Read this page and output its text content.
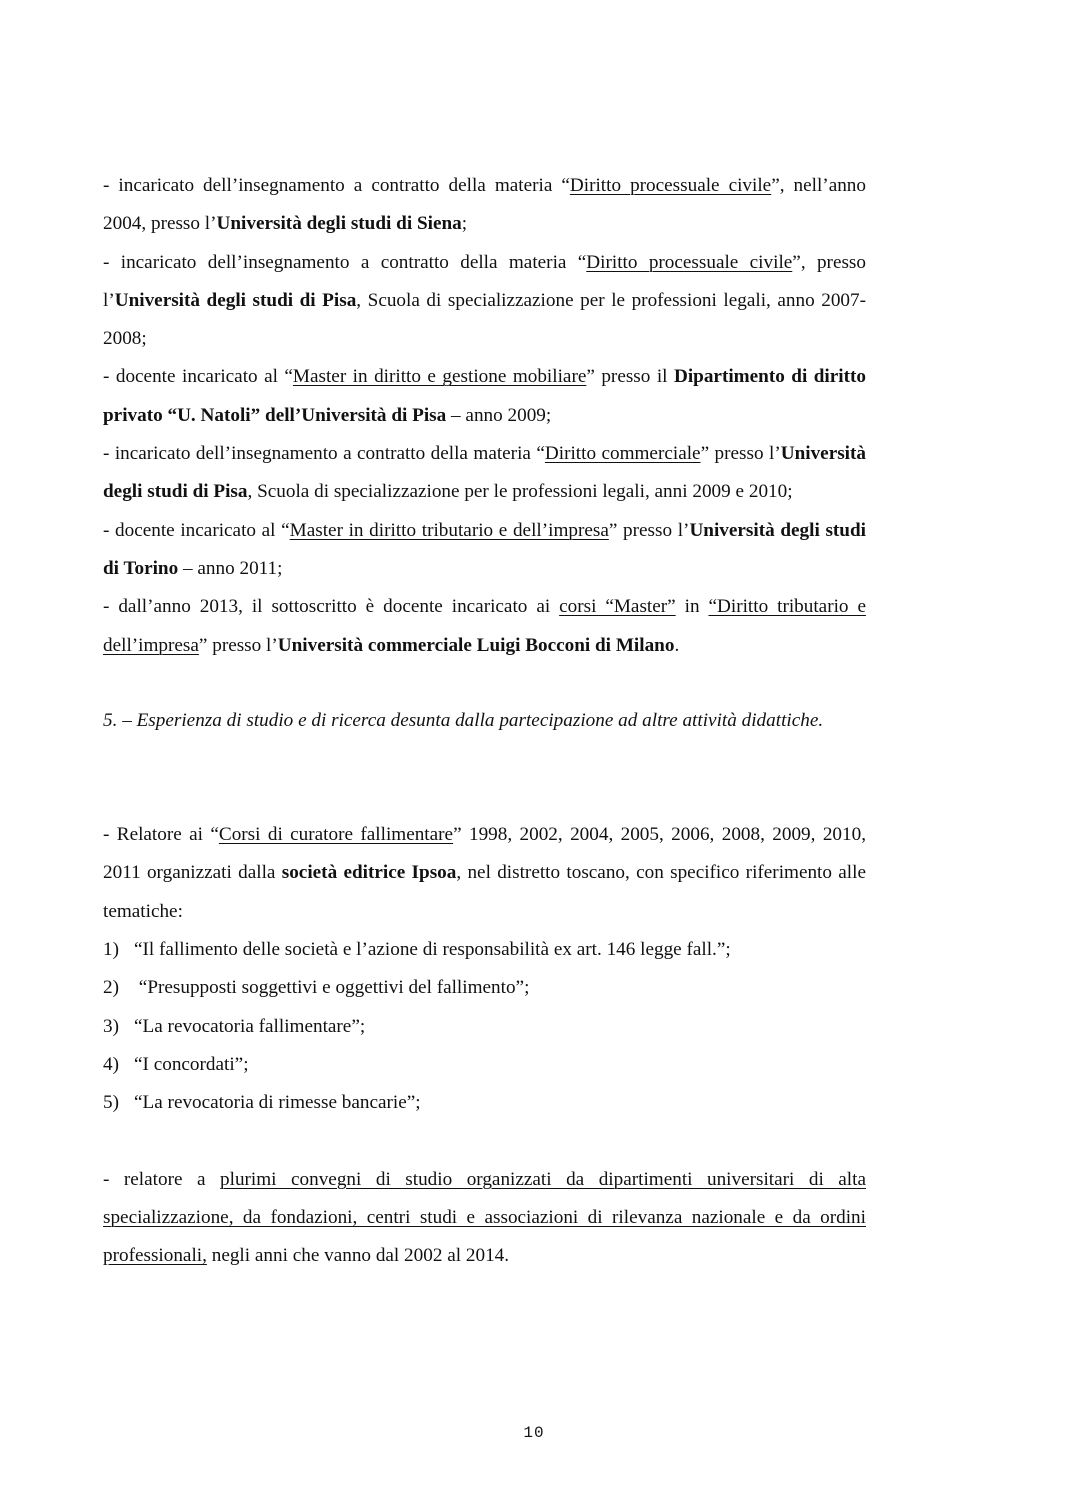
- incaricato dell’insegnamento a contratto della materia “Diritto processuale civile”, nell’anno 2004, presso l’Università degli studi di Siena;

- incaricato dell’insegnamento a contratto della materia “Diritto processuale civile”, presso l’Università degli studi di Pisa, Scuola di specializzazione per le professioni legali, anno 2007-2008;

- docente incaricato al “Master in diritto e gestione mobiliare” presso il Dipartimento di diritto privato “U. Natoli” dell’Università di Pisa – anno 2009;

- incaricato dell’insegnamento a contratto della materia “Diritto commerciale” presso l’Università degli studi di Pisa, Scuola di specializzazione per le professioni legali, anni 2009 e 2010;

- docente incaricato al “Master in diritto tributario e dell’impresa” presso l’Università degli studi di Torino – anno 2011;

- dall’anno 2013, il sottoscritto è docente incaricato ai corsi “Master” in “Diritto tributario e dell’impresa” presso l’Università commerciale Luigi Bocconi di Milano.

5. – Esperienza di studio e di ricerca desunta dalla partecipazione ad altre attività didattiche.

- Relatore ai “Corsi di curatore fallimentare” 1998, 2002, 2004, 2005, 2006, 2008, 2009, 2010, 2011 organizzati dalla società editrice Ipsoa, nel distretto toscano, con specifico riferimento alle tematiche:

1) “Il fallimento delle società e l’azione di responsabilità ex art. 146 legge fall.”;

2) “Presupposti soggettivi e oggettivi del fallimento”;

3) “La revocatoria fallimentare”;

4) “I concordati”;

5) “La revocatoria di rimesse bancarie”;

- relatore a plurimi convegni di studio organizzati da dipartimenti universitari di alta specializzazione, da fondazioni, centri studi e associazioni di rilevanza nazionale e da ordini professionali, negli anni che vanno dal 2002 al 2014.

10
